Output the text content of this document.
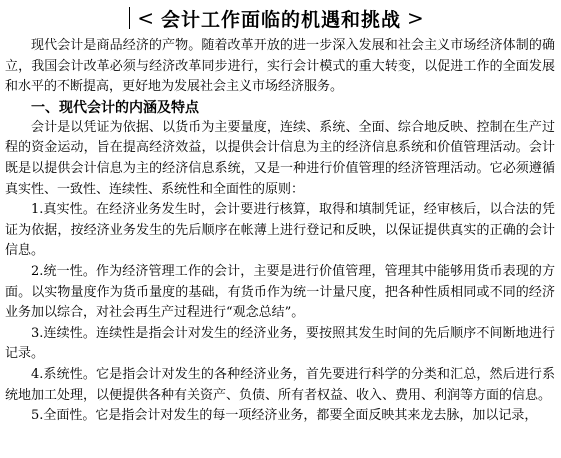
< 会计工作面临的机遇和挑战 >

现代会计是商品经济的产物。随着改革开放的进一步深入发展和社会主义市场经济体制的确立，我国会计改革必须与经济改革同步进行，实行会计模式的重大转变，以促进工作的全面发展和水平的不断提高，更好地为发展社会主义市场经济服务。

一、现代会计的内涵及特点

会计是以凭证为依据、以货币为主要量度，连续、系统、全面、综合地反映、控制在生产过程的资金运动，旨在提高经济效益，以提供会计信息为主的经济信息系统和价值管理活动。会计既是以提供会计信息为主的经济信息系统，又是一种进行价值管理的经济管理活动。它必须遵循真实性、一致性、连续性、系统性和全面性的原则：

1.真实性。在经济业务发生时，会计要进行核算，取得和填制凭证，经审核后，以合法的凭证为依据，按经济业务发生的先后顺序在帐薄上进行登记和反映，以保证提供真实的正确的会计信息。

2.统一性。作为经济管理工作的会计，主要是进行价值管理，管理其中能够用货币表现的方面。以实物量度作为货币量度的基础，有货币作为统一计量尺度，把各种性质相同或不同的经济业务加以综合，对社会再生产过程进行“观念总结”。

3.连续性。连续性是指会计对发生的经济业务，要按照其发生时间的先后顺序不间断地进行记录。

4.系统性。它是指会计对发生的各种经济业务，首先要进行科学的分类和汇总，然后进行系统地加工处理，以便提供各种有关资产、负债、所有者权益、收入、费用、利润等方面的信息。

5.全面性。它是指会计对发生的每一项经济业务，都要全面反映其来龙去脉，加以记录，
